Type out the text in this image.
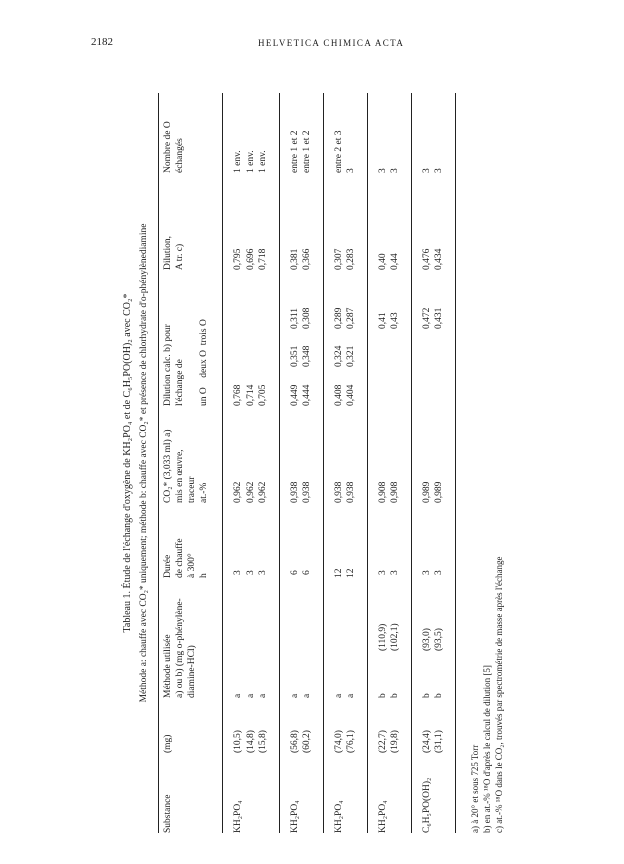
2182	HELVETICA CHIMICA ACTA
Tableau 1. Étude de l'échange d'oxygène de KH₂PO₄ et de C₆H₅PO(OH)₂ avec CO₂* Méthode a: chauffe avec CO₂* uniquement; méthode b: chauffe avec CO₂* et présence de chlorhydrate d'o-phénylènediamine
Substance
(mg)
Méthode utilisée
a) ou b) (mg o-phénylène-
diamine-HCl)
Durée
de chauffe
à 300°
h
CO₂* (3,033 ml) a)
mis en œuvre,
traceur
at.-%
Dilution calc. b) pour
l'échange de

un O    deux O  trois O
Dilution,
A tr. c)
Nombre de O
échangés
KH₂PO₄
(10,5)
a
3
0,962
0,768
0,795
1 env.
(14,8)
a
3
0,962
0,714
0,696
1 env.
(15,8)
a
3
0,962
0,705
0,718
1 env.
KH₂PO₄
(56,8)
a
6
0,938
0,449
0,351
0,311
0,381
entre 1 et 2
(60,2)
a
6
0,938
0,444
0,348
0,308
0,366
entre 1 et 2
KH₂PO₄
(74,0)
a
12
0,938
0,408
0,324
0,289
0,307
entre 2 et 3
(76,1)
a
12
0,938
0,404
0,321
0,287
0,283
3
KH₂PO₄
(22,7)
b
(110,9)
3
0,908
0,41
0,40
3
(19,8)
b
(102,1)
3
0,908
0,43
0,44
3
C₆H₅PO(OH)₂
(24,4)
b
(93,0)
3
0,989
0,472
0,476
3
(31,1)
b
(93,5)
3
0,989
0,431
0,434
3
a) à 20° et sous 725 Torr b) en at.-% ¹⁸O d'après le calcul de dilution [5] c) at.-% ¹⁸O dans le CO₂, trouvés par spectrométrie de masse après l'échange
